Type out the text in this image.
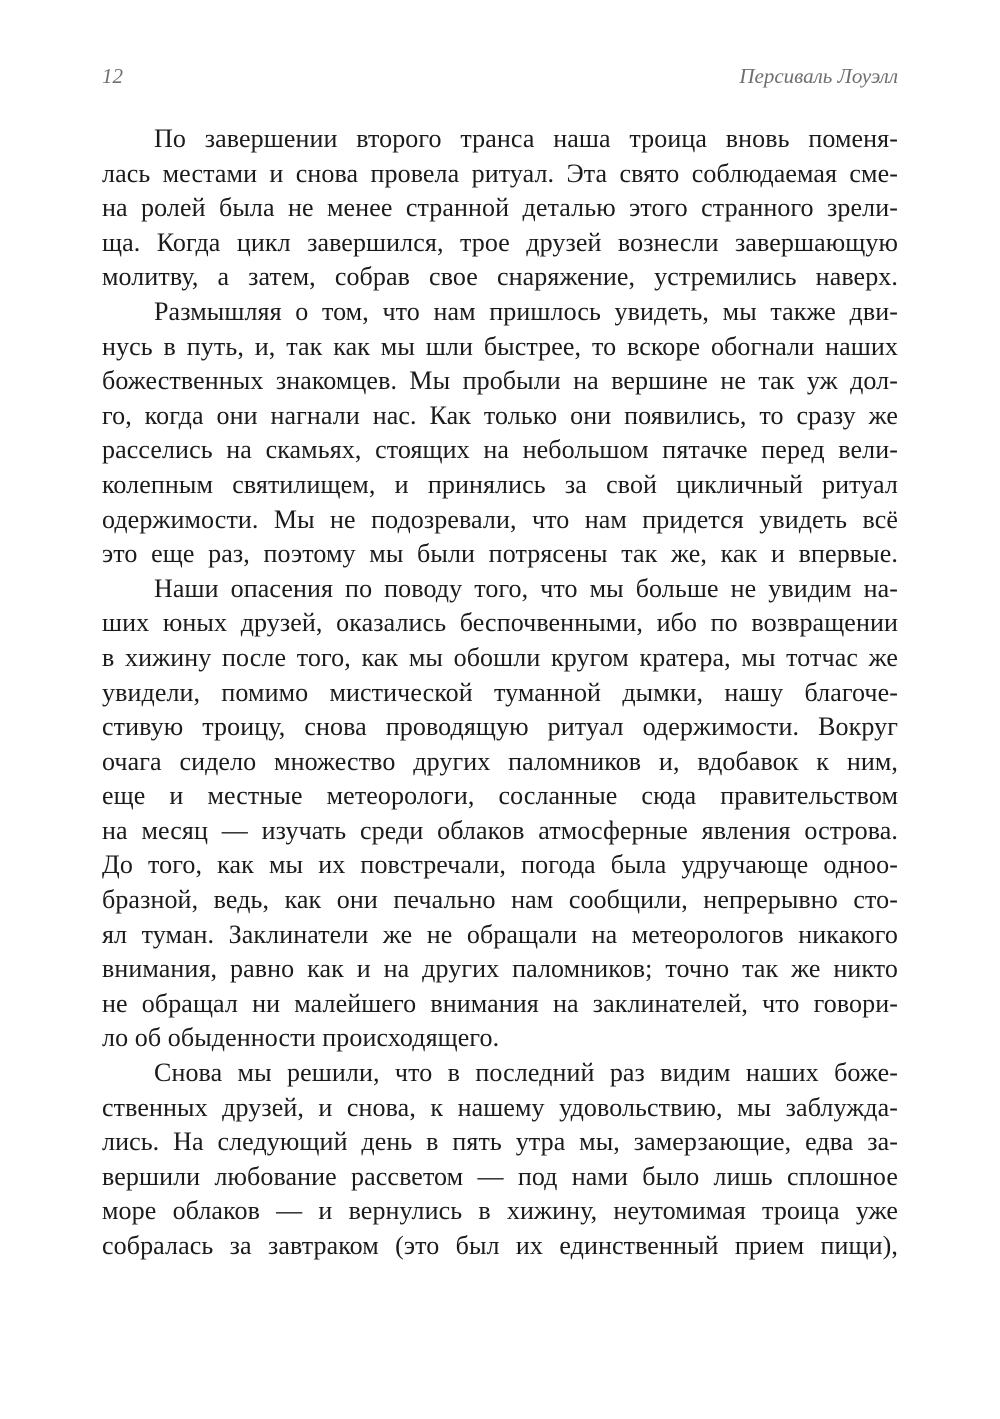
12	Персиваль Лоуэлл
По завершении второго транса наша троица вновь поменя-
лась местами и снова провела ритуал. Эта свято соблюдаемая сме-
на ролей была не менее странной деталью этого странного зрели-
ща. Когда цикл завершился, трое друзей вознесли завершающую
молитву, а затем, собрав свое снаряжение, устремились наверх.
Размышляя о том, что нам пришлось увидеть, мы также дви-
нусь в путь, и, так как мы шли быстрее, то вскоре обогнали наших
божественных знакомцев. Мы пробыли на вершине не так уж дол-
го, когда они нагнали нас. Как только они появились, то сразу же
расселись на скамьях, стоящих на небольшом пятачке перед вели-
колепным святилищем, и принялись за свой цикличный ритуал
одержимости. Мы не подозревали, что нам придется увидеть всё
это еще раз, поэтому мы были потрясены так же, как и впервые.
Наши опасения по поводу того, что мы больше не увидим на-
ших юных друзей, оказались беспочвенными, ибо по возвращении
в хижину после того, как мы обошли кругом кратера, мы тотчас же
увидели, помимо мистической туманной дымки, нашу благоче-
стивую троицу, снова проводящую ритуал одержимости. Вокруг
очага сидело множество других паломников и, вдобавок к ним,
еще и местные метеорологи, сосланные сюда правительством
на месяц — изучать среди облаков атмосферные явления острова.
До того, как мы их повстречали, погода была удручающе одноо-
бразной, ведь, как они печально нам сообщили, непрерывно сто-
ял туман. Заклинатели же не обращали на метеорологов никакого
внимания, равно как и на других паломников; точно так же никто
не обращал ни малейшего внимания на заклинателей, что говори-
ло об обыденности происходящего.
Снова мы решили, что в последний раз видим наших боже-
ственных друзей, и снова, к нашему удовольствию, мы заблужда-
лись. На следующий день в пять утра мы, замерзающие, едва за-
вершили любование рассветом — под нами было лишь сплошное
море облаков — и вернулись в хижину, неутомимая троица уже
собралась за завтраком (это был их единственный прием пищи),
